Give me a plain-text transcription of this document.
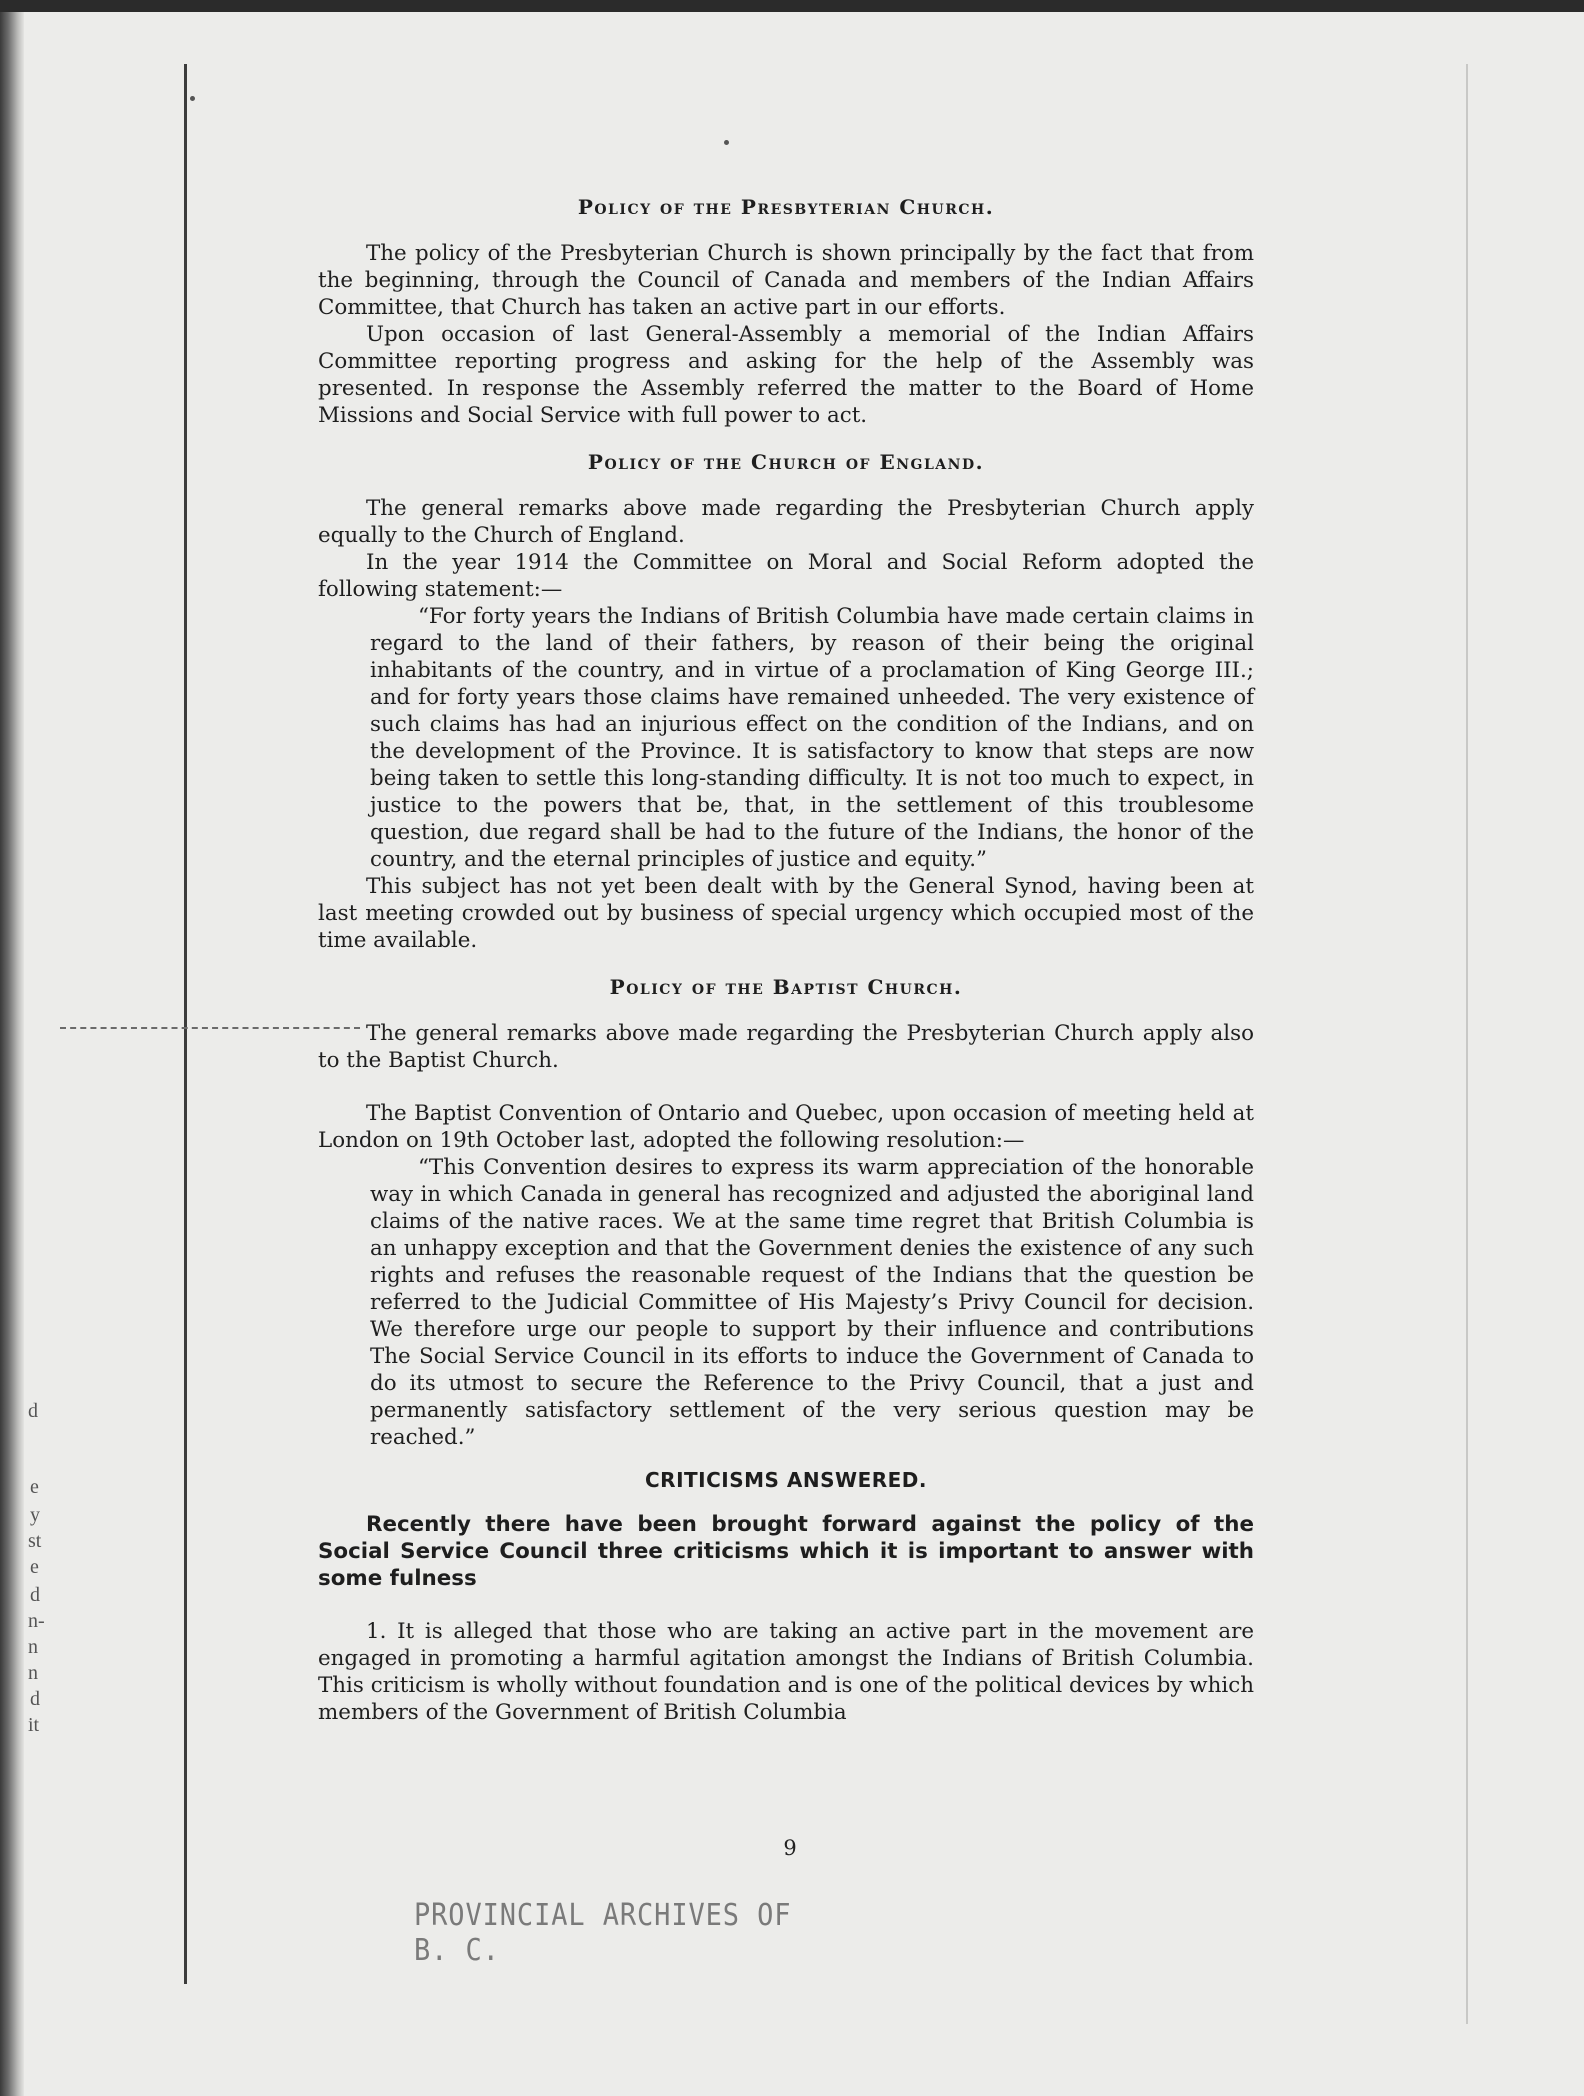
d
e
y
st
e
d
n-
n
n
d
it
Policy of the Presbyterian Church.

The policy of the Presbyterian Church is shown principally by the fact that from the beginning, through the Council of Canada and members of the Indian Affairs Committee, that Church has taken an active part in our efforts.

Upon occasion of last General-Assembly a memorial of the Indian Affairs Committee reporting progress and asking for the help of the Assembly was presented. In response the Assembly referred the matter to the Board of Home Missions and Social Service with full power to act.

Policy of the Church of England.

The general remarks above made regarding the Presbyterian Church apply equally to the Church of England.

In the year 1914 the Committee on Moral and Social Reform adopted the following statement:—

“For forty years the Indians of British Columbia have made certain claims in regard to the land of their fathers, by reason of their being the original inhabitants of the country, and in virtue of a proclamation of King George III.; and for forty years those claims have remained unheeded. The very existence of such claims has had an injurious effect on the condition of the Indians, and on the development of the Province. It is satisfactory to know that steps are now being taken to settle this long-standing difficulty. It is not too much to expect, in justice to the powers that be, that, in the settlement of this troublesome question, due regard shall be had to the future of the Indians, the honor of the country, and the eternal principles of justice and equity.”

This subject has not yet been dealt with by the General Synod, having been at last meeting crowded out by business of special urgency which occupied most of the time available.

Policy of the Baptist Church.

The general remarks above made regarding the Presbyterian Church apply also to the Baptist Church.

The Baptist Convention of Ontario and Quebec, upon occasion of meeting held at London on 19th October last, adopted the following resolution:—

“This Convention desires to express its warm appreciation of the honorable way in which Canada in general has recognized and adjusted the aboriginal land claims of the native races. We at the same time regret that British Columbia is an unhappy exception and that the Government denies the existence of any such rights and refuses the reasonable request of the Indians that the question be referred to the Judicial Committee of His Majesty’s Privy Council for decision. We therefore urge our people to support by their influence and contributions The Social Service Council in its efforts to induce the Government of Canada to do its utmost to secure the Reference to the Privy Council, that a just and permanently satisfactory settlement of the very serious question may be reached.”

CRITICISMS ANSWERED.

Recently there have been brought forward against the policy of the Social Service Council three criticisms which it is important to answer with some fulness

1. It is alleged that those who are taking an active part in the movement are engaged in promoting a harmful agitation amongst the Indians of British Columbia. This criticism is wholly without foundation and is one of the political devices by which members of the Government of British Columbia

9
PROVINCIAL ARCHIVES OF B. C.
